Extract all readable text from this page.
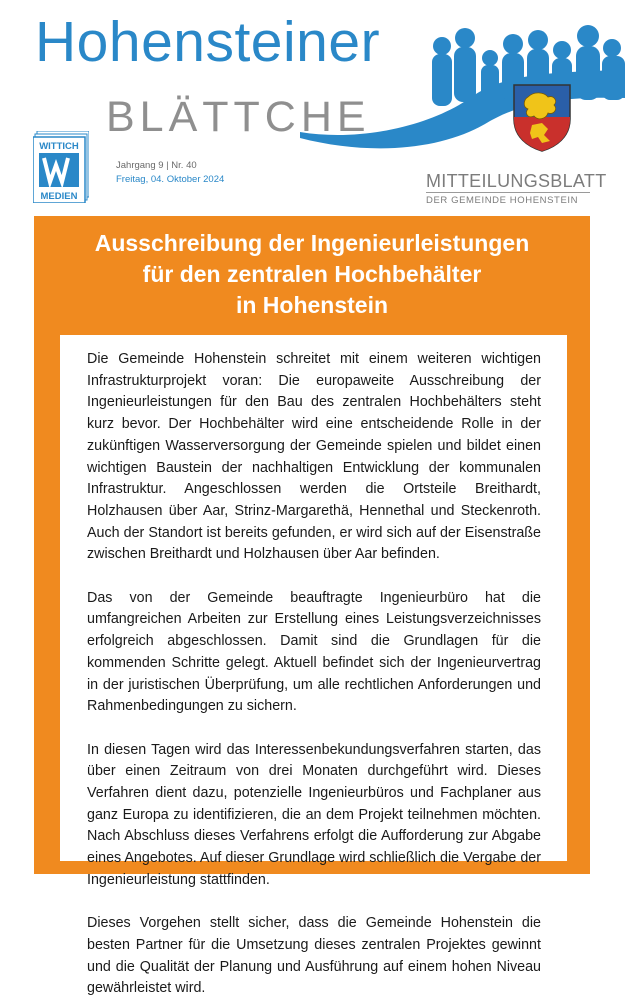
Hohensteiner
BLÄTTCHE
WITTICH
MEDIEN
Jahrgang 9 | Nr. 40
Freitag, 04. Oktober 2024	MITTEILUNGSBLATT
DER GEMEINDE HOHENSTEIN
Ausschreibung der Ingenieurleistungen
für den zentralen Hochbehälter
in Hohenstein

Die Gemeinde Hohenstein schreitet mit einem weiteren wichtigen Infrastrukturprojekt voran: Die europaweite Ausschreibung der Ingenieurleistungen für den Bau des zentralen Hochbehälters steht kurz bevor. Der Hochbehälter wird eine entscheidende Rolle in der zukünftigen Wasserversorgung der Gemeinde spielen und bildet einen wichtigen Baustein der nachhaltigen Entwicklung der kommunalen Infrastruktur. Angeschlossen werden die Ortsteile Breithardt, Holzhausen über Aar, Strinz-Margarethä, Hennethal und Steckenroth. Auch der Standort ist bereits gefunden, er wird sich auf der Eisenstraße zwischen Breithardt und Holzhausen über Aar befinden.

Das von der Gemeinde beauftragte Ingenieurbüro hat die umfangreichen Arbeiten zur Erstellung eines Leistungsverzeichnisses erfolgreich abgeschlossen. Damit sind die Grundlagen für die kommenden Schritte gelegt. Aktuell befindet sich der Ingenieurvertrag in der juristischen Überprüfung, um alle rechtlichen Anforderungen und Rahmenbedingungen zu sichern.

In diesen Tagen wird das Interessenbekundungsverfahren starten, das über einen Zeitraum von drei Monaten durchgeführt wird. Dieses Verfahren dient dazu, potenzielle Ingenieurbüros und Fachplaner aus ganz Europa zu identifizieren, die an dem Projekt teilnehmen möchten. Nach Abschluss dieses Verfahrens erfolgt die Aufforderung zur Abgabe eines Angebotes. Auf dieser Grundlage wird schließlich die Vergabe der Ingenieurleistung stattfinden.

Dieses Vorgehen stellt sicher, dass die Gemeinde Hohenstein die besten Partner für die Umsetzung dieses zentralen Projektes gewinnt und die Qualität der Planung und Ausführung auf einem hohen Niveau gewährleistet wird.
